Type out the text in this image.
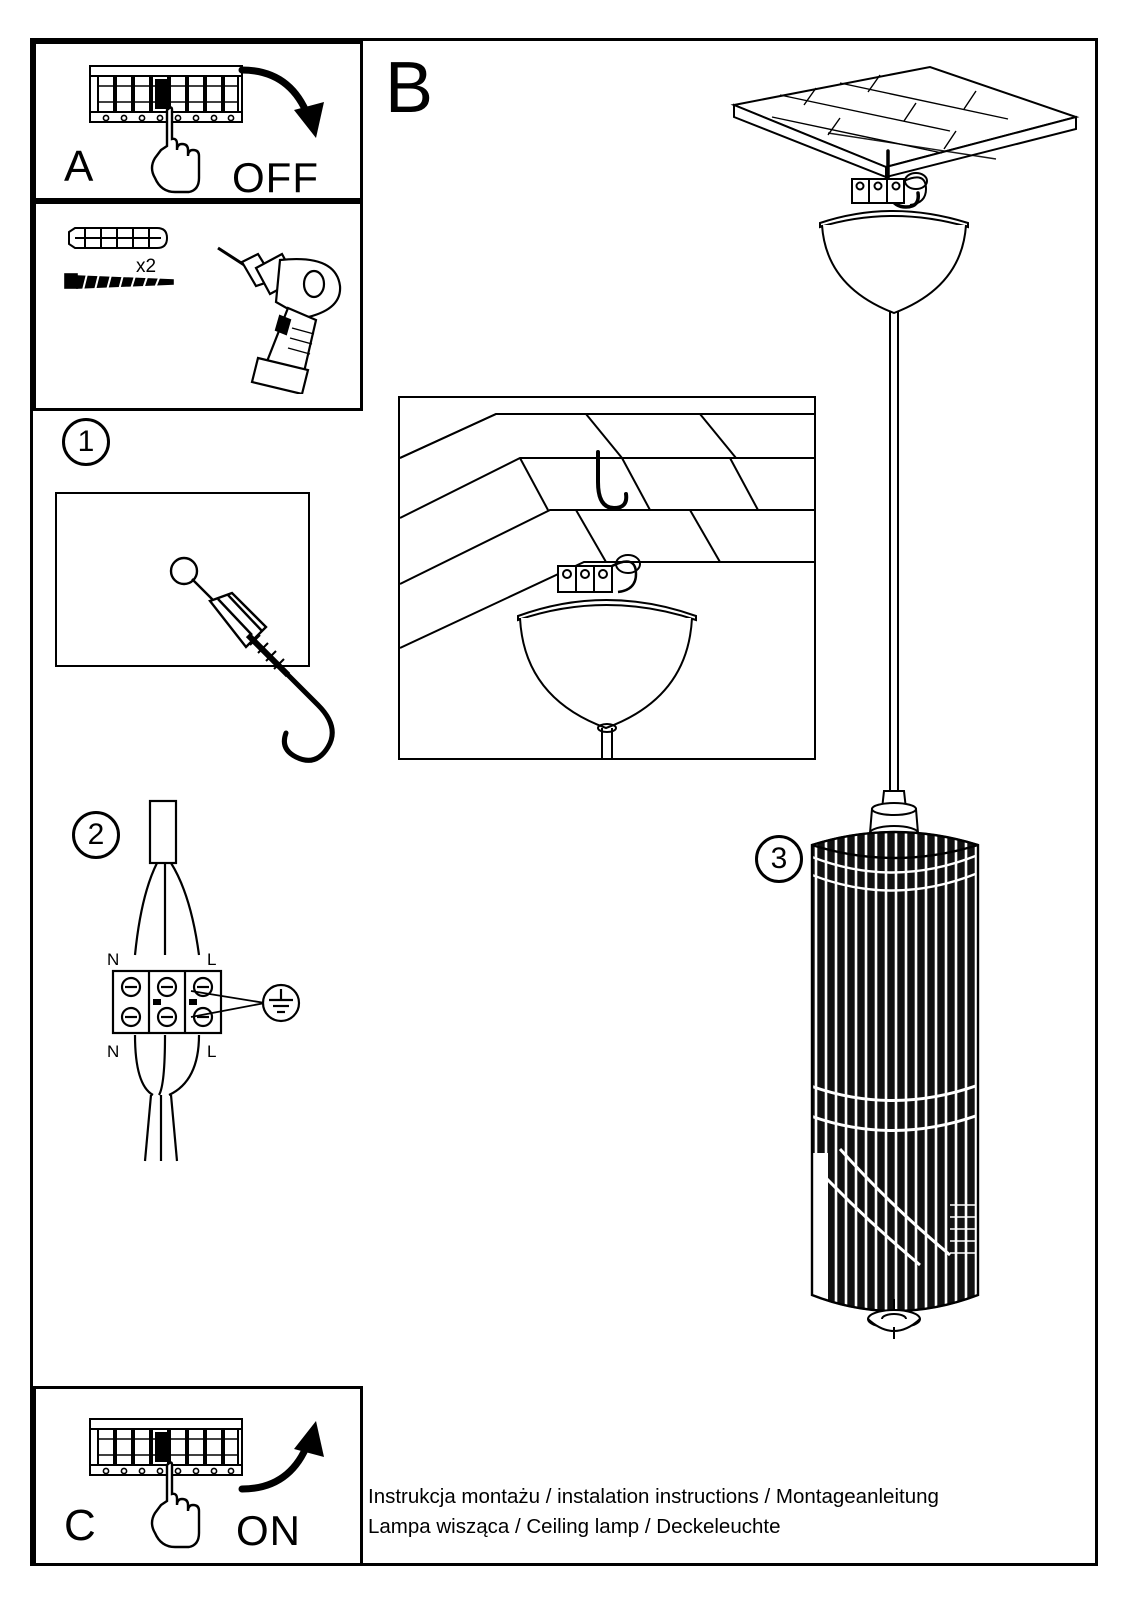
A	OFF
x2
1
2
N	L
N	L
C	ON
B
3
Instrukcja montażu / instalation instructions / Montageanleitung
Lampa wisząca / Ceiling lamp / Deckeleuchte
